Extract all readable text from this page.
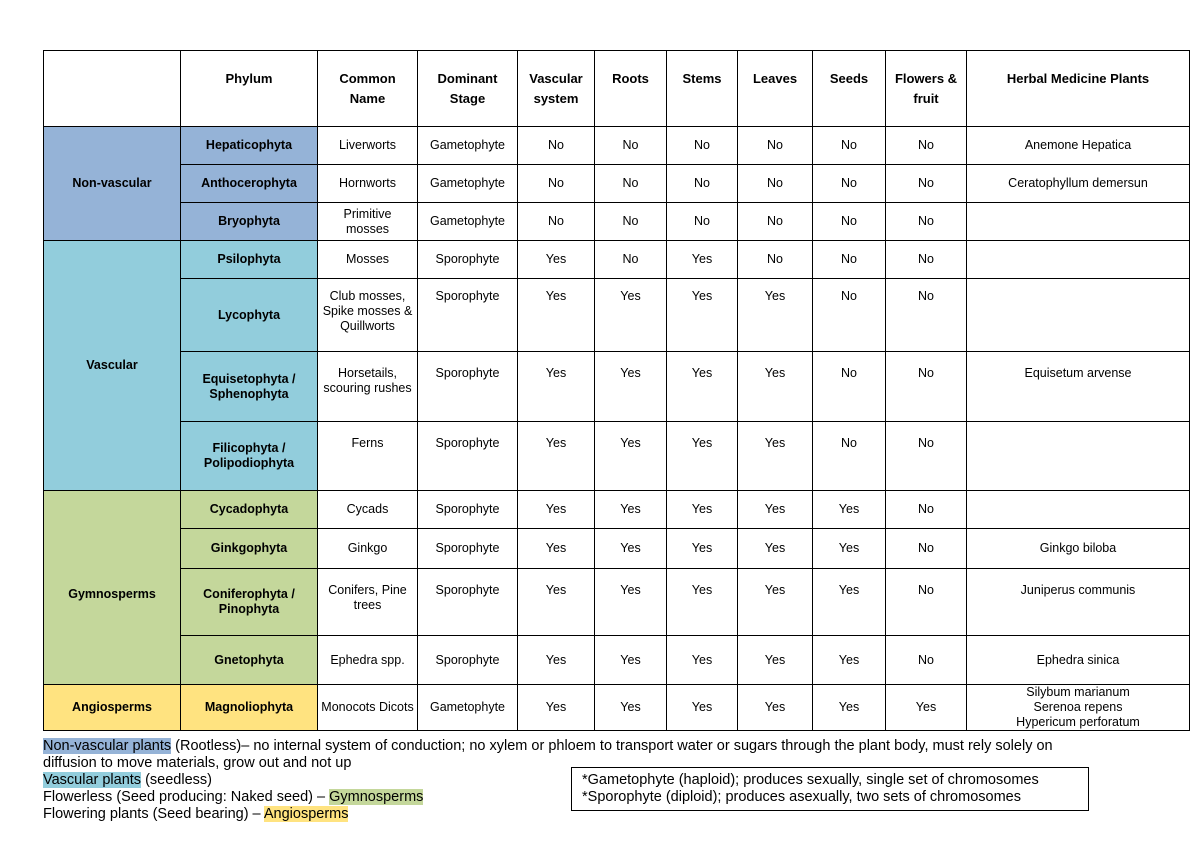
	Phylum	Common Name	Dominant Stage	Vascular system	Roots	Stems	Leaves	Seeds	Flowers & fruit	Herbal Medicine Plants
Non-vascular	Hepaticophyta	Liverworts	Gametophyte	No	No	No	No	No	No	Anemone Hepatica
	Anthocerophyta	Hornworts	Gametophyte	No	No	No	No	No	No	Ceratophyllum demersun
	Bryophyta	Primitive mosses	Gametophyte	No	No	No	No	No	No	
Vascular	Psilophyta	Mosses	Sporophyte	Yes	No	Yes	No	No	No	
	Lycophyta	Club mosses, Spike mosses & Quillworts	Sporophyte	Yes	Yes	Yes	Yes	No	No	
	Equisetophyta / Sphenophyta	Horsetails, scouring rushes	Sporophyte	Yes	Yes	Yes	Yes	No	No	Equisetum arvense
	Filicophyta / Polipodiophyta	Ferns	Sporophyte	Yes	Yes	Yes	Yes	No	No	
Gymnosperms	Cycadophyta	Cycads	Sporophyte	Yes	Yes	Yes	Yes	Yes	No	
	Ginkgophyta	Ginkgo	Sporophyte	Yes	Yes	Yes	Yes	Yes	No	Ginkgo biloba
	Coniferophyta / Pinophyta	Conifers, Pine trees	Sporophyte	Yes	Yes	Yes	Yes	Yes	No	Juniperus communis
	Gnetophyta	Ephedra spp.	Sporophyte	Yes	Yes	Yes	Yes	Yes	No	Ephedra sinica
Angiosperms	Magnoliophyta	Monocots Dicots	Gametophyte	Yes	Yes	Yes	Yes	Yes	Yes	Silybum marianum Serenoa repens Hypericum perforatum
Non-vascular plants (Rootless)– no internal system of conduction; no xylem or phloem to transport water or sugars through the plant body, must rely solely on
diffusion to move materials, grow out and not up
Vascular plants (seedless)
Flowerless (Seed producing: Naked seed) – Gymnosperms
Flowering plants (Seed bearing) – Angiosperms
*Gametophyte (haploid); produces sexually, single set of chromosomes
*Sporophyte (diploid); produces asexually, two sets of chromosomes
